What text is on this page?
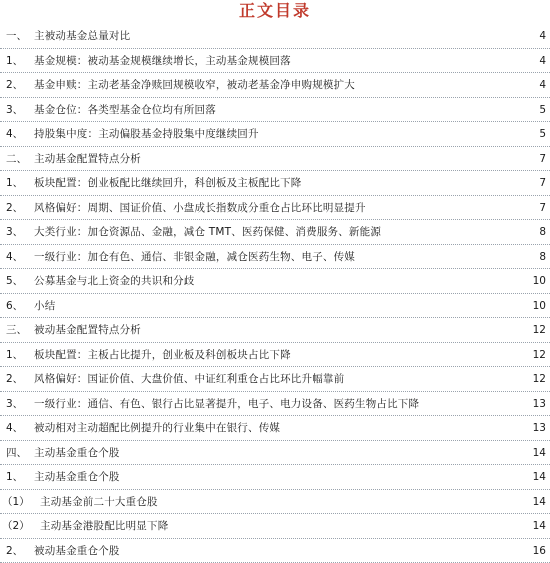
正文目录
一、 主被动基金总量对比	4
1、 基金规模：被动基金规模继续增长，主动基金规模回落	4
2、 基金申赎：主动老基金净赎回规模收窄，被动老基金净申购规模扩大	4
3、 基金仓位：各类型基金仓位均有所回落	5
4、 持股集中度：主动偏股基金持股集中度继续回升	5
二、 主动基金配置特点分析	7
1、 板块配置：创业板配比继续回升，科创板及主板配比下降	7
2、 风格偏好：周期、国证价值、小盘成长指数成分重仓占比环比明显提升	7
3、 大类行业：加仓资源品、金融，减仓 TMT、医药保健、消费服务、新能源	8
4、 一级行业：加仓有色、通信、非银金融，减仓医药生物、电子、传媒	8
5、 公募基金与北上资金的共识和分歧	10
6、 小结	10
三、 被动基金配置特点分析	12
1、 板块配置：主板占比提升，创业板及科创板块占比下降	12
2、 风格偏好：国证价值、大盘价值、中证红利重仓占比环比升幅靠前	12
3、 一级行业：通信、有色、银行占比显著提升，电子、电力设备、医药生物占比下降	13
4、 被动相对主动超配比例提升的行业集中在银行、传媒	13
四、 主动基金重仓个股	14
1、 主动基金重仓个股	14
（1） 主动基金前二十大重仓股	14
（2） 主动基金港股配比明显下降	14
2、 被动基金重仓个股	16
